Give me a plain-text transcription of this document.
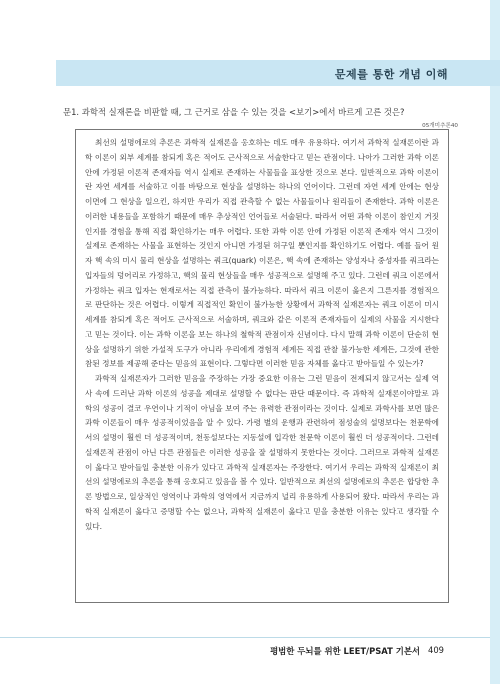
문제를 통한 개념 이해
문1. 과학적 실재론을 비판할 때, 그 근거로 삼을 수 있는 것을 <보기>에서 바르게 고른 것은?
05개미추론40

최선의 설명에로의 추론은 과학적 실재론을 옹호하는 데도 매우 유용하다. 여기서 과학적 실재론이란 과학 이론이 외부 세계를 참되게 혹은 적어도 근사적으로 서술한다고 믿는 관점이다. 나아가 그러한 과학 이론 안에 가정된 이론적 존재자들 역시 실제로 존재하는 사물들을 표상한 것으로 본다. 일반적으로 과학 이론이란 자연 세계를 서술하고 이를 바탕으로 현상을 설명하는 하나의 언어이다. 그런데 자연 세계 안에는 현상 이면에 그 현상을 일으킨, 하지만 우리가 직접 관측할 수 없는 사물들이나 원리들이 존재한다. 과학 이론은 이러한 내용들을 포함하기 때문에 매우 추상적인 언어들로 서술된다. 따라서 어떤 과학 이론이 참인지 거짓인지를 경험을 통해 직접 확인하기는 매우 어렵다. 또한 과학 이론 안에 가정된 이론적 존재자 역시 그것이 실제로 존재하는 사물을 표현하는 것인지 아니면 가정된 허구일 뿐인지를 확인하기도 어렵다. 예를 들어 원자 핵 속의 미시 물리 현상을 설명하는 쿼크(quark) 이론은, 핵 속에 존재하는 양성자나 중성자를 쿼크라는 입자들의 덩어리로 가정하고, 핵의 물리 현상들을 매우 성공적으로 설명해 주고 있다. 그런데 쿼크 이론에서 가정하는 쿼크 입자는 현재로서는 직접 관측이 불가능하다. 따라서 쿼크 이론이 옳은지 그른지를 경험적으로 판단하는 것은 어렵다. 이렇게 직접적인 확인이 불가능한 상황에서 과학적 실재론자는 쿼크 이론이 미시 세계를 참되게 혹은 적어도 근사적으로 서술하며, 쿼크와 같은 이론적 존재자들이 실제의 사물을 지시한다고 믿는 것이다. 이는 과학 이론을 보는 하나의 철학적 관점이자 신념이다. 다시 말해 과학 이론이 단순히 현상을 설명하기 위한 가설적 도구가 아니라 우리에게 경험적 세계든 직접 관찰 불가능한 세계든, 그것에 관한 참된 정보를 제공해 준다는 믿음의 표현이다. 그렇다면 이러한 믿음 자체를 옳다고 받아들일 수 있는가?

과학적 실재론자가 그러한 믿음을 주장하는 가장 중요한 이유는 그런 믿음이 전제되지 않고서는 실제 역사 속에 드러난 과학 이론의 성공을 제대로 설명할 수 없다는 판단 때문이다. 즉 과학적 실재론이야말로 과학의 성공이 결코 우연이나 기적이 아님을 보여 주는 유력한 관점이라는 것이다. 실제로 과학사를 보면 많은 과학 이론들이 매우 성공적이었음을 알 수 있다. 가령 별의 운행과 관련하여 점성술의 설명보다는 천문학에서의 설명이 훨씬 더 성공적이며, 천동설보다는 지동설에 입각한 천문학 이론이 훨씬 더 성공적이다. 그런데 실재론적 관점이 아닌 다른 관점들은 이러한 성공을 잘 설명하지 못한다는 것이다. 그러므로 과학적 실재론이 옳다고 받아들일 충분한 이유가 있다고 과학적 실재론자는 주장한다. 여기서 우리는 과학적 실재론이 최선의 설명에로의 추론을 통해 옹호되고 있음을 볼 수 있다. 일반적으로 최선의 설명에로의 추론은 합당한 추론 방법으로, 일상적인 영역이나 과학의 영역에서 지금까지 널리 유용하게 사용되어 왔다. 따라서 우리는 과학적 실재론이 옳다고 증명할 수는 없으나, 과학적 실재론이 옳다고 믿을 충분한 이유는 있다고 생각할 수 있다.

평범한 두뇌를 위한 LEET/PSAT 기본서 409
